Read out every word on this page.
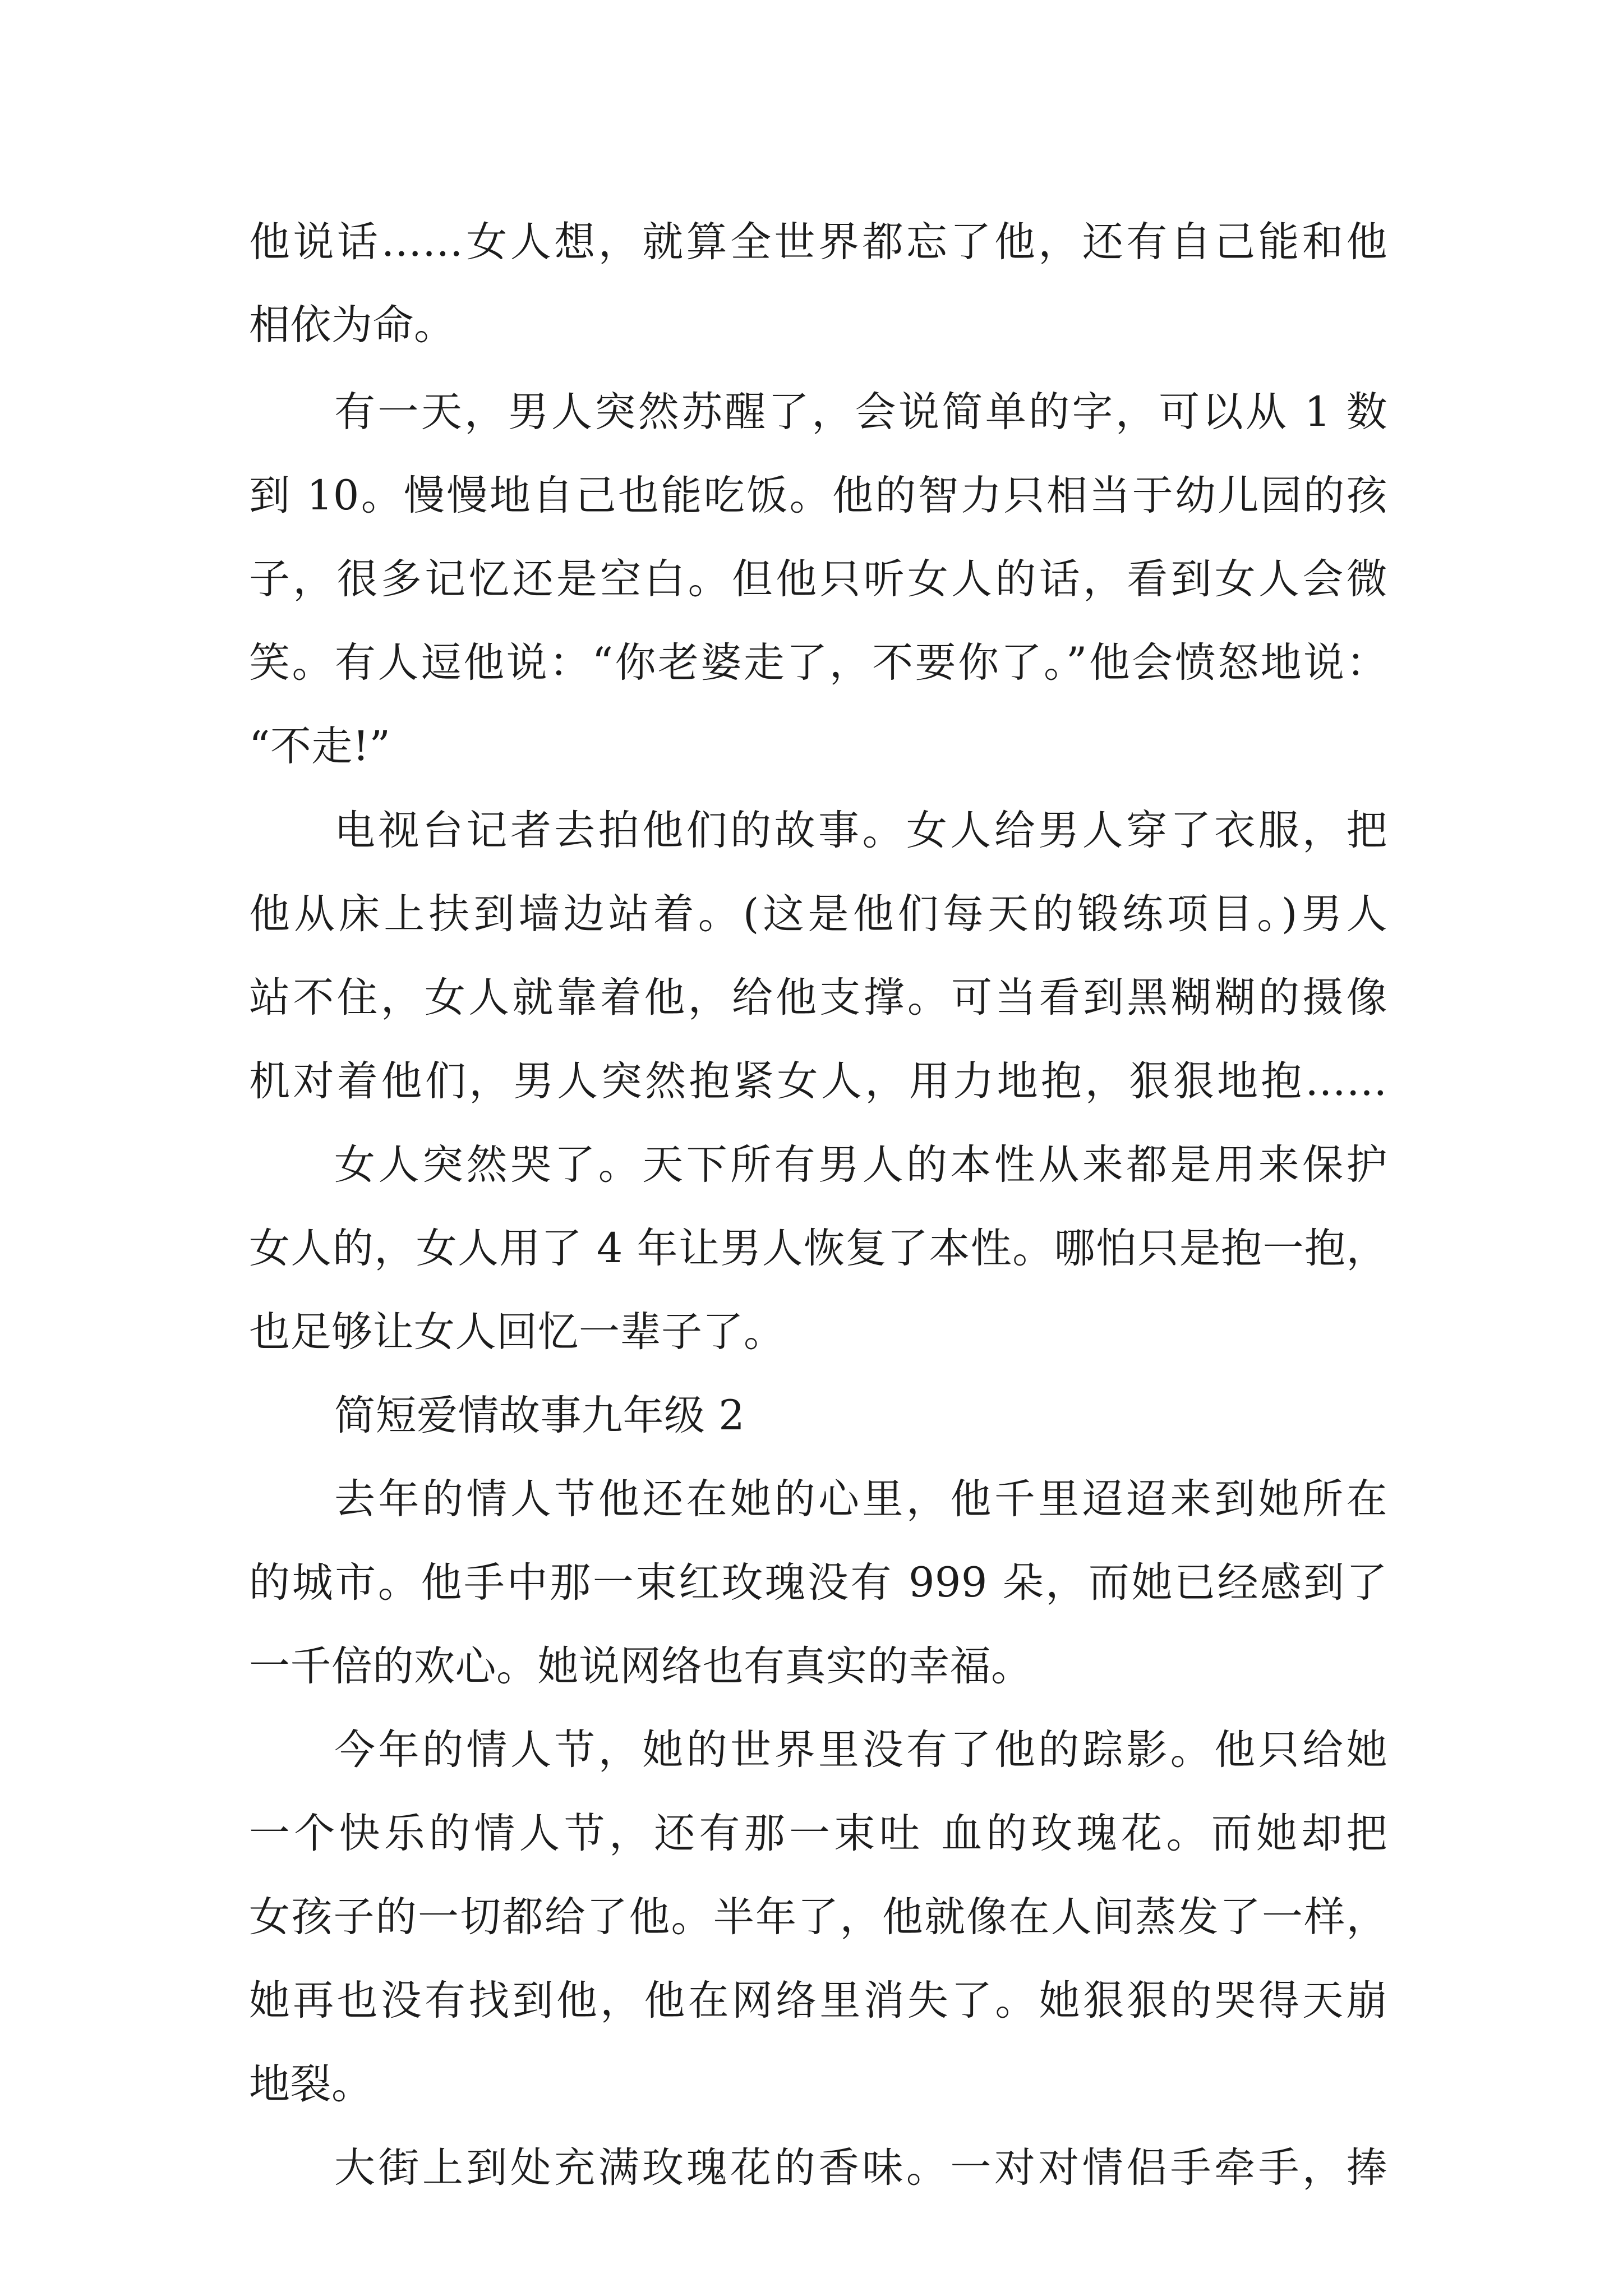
他说话……女人想，就算全世界都忘了他，还有自己能和他

相依为命。

有一天，男人突然苏醒了，会说简单的字，可以从 1 数

到 10。慢慢地自己也能吃饭。他的智力只相当于幼儿园的孩

子，很多记忆还是空白。但他只听女人的话，看到女人会微

笑。有人逗他说：“你老婆走了，不要你了。”他会愤怒地说：

“不走!”

电视台记者去拍他们的故事。女人给男人穿了衣服，把

他从床上扶到墙边站着。(这是他们每天的锻练项目。)男人

站不住，女人就靠着他，给他支撑。可当看到黑糊糊的摄像

机对着他们，男人突然抱紧女人，用力地抱，狠狠地抱……

女人突然哭了。天下所有男人的本性从来都是用来保护

女人的，女人用了 4 年让男人恢复了本性。哪怕只是抱一抱，

也足够让女人回忆一辈子了。

简短爱情故事九年级 2

去年的情人节他还在她的心里，他千里迢迢来到她所在

的城市。他手中那一束红玫瑰没有 999 朵，而她已经感到了

一千倍的欢心。她说网络也有真实的幸福。

今年的情人节，她的世界里没有了他的踪影。他只给她

一个快乐的情人节，还有那一束吐 血的玫瑰花。而她却把

女孩子的一切都给了他。半年了，他就像在人间蒸发了一样，

她再也没有找到他，他在网络里消失了。她狠狠的哭得天崩

地裂。

大街上到处充满玫瑰花的香味。一对对情侣手牵手，捧
